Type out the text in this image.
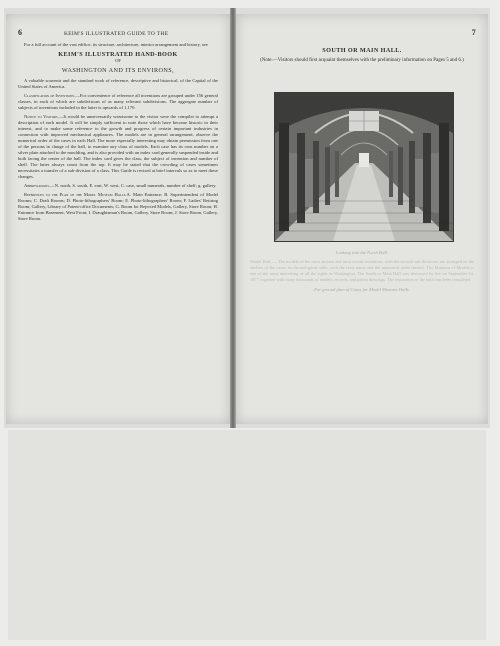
6	KEIM'S ILLUSTRATED GUIDE TO THE
For a full account of the vast edifice, its structure, architecture, interior arrangement and history, see
KEIM'S ILLUSTRATED HAND-BOOK
OF
WASHINGTON AND ITS ENVIRONS,
A valuable souvenir and the standard work of reference, descriptive and historical, of the Capital of the United States of America.
Classification of Inventions.—For convenience of reference all inventions are grouped under 156 general classes, in each of which are subdivisions of as many relevant subdivisions. The aggregate number of subjects of inventions included in the latter is upwards of 1,170.
Notice to Visitors.—It would be unnecessarily wearisome to the visitor were the compiler to attempt a description of each model. It will be simply sufficient to note those which have become historic in their interest, and to make some reference to the growth and progress of certain important industries in connection with improved mechanical appliances. The models are in general arrangement, observe the numerical order of the cases in each Hall. The more especially interesting may obtain permission from one of the persons in charge of the hall, to examine any class of models. Each case has its own number on a silver plate attached to the moulding, and is also provided with an index card generally suspended inside and both facing the center of the hall. The index card gives the class, the subject of invention and number of shelf. The latter always count from the top. It may be stated that the crowding of cases sometimes necessitates a transfer of a sub-division of a class. This Guide is revised at brief intervals so as to meet these changes.
Abbreviations.—N. north, S. south, E. east, W. west, C. case, small numerals, number of shelf; g. gallery.
References to the Plan of the Model Museum Halls.A. Main Entrance; B. Superintendent of Model Rooms; C. Draft Rooms; D. Photo-lithographers' Room; E. Photo-lithographers' Room; F. Ladies' Retiring Room; Gallery, Library of Patent-office Documents; G. Room for Rejected Models, Gallery, Store Room; H. Entrance from Basement, West Front; I. Draughtsman's Room, Gallery, Store Room; J. Store Room, Gallery, Store Room.
7
SOUTH OR MAIN HALL.
(Note.—Visitors should first acquaint themselves with the preliminary information on Pages 5 and 6.)
Looking into the North Hall.
Model Hall. — The models of the most ancient and most recent inventions, with the several sub-divisions, are arranged on the shelves of the cases, in chronological order, with the class name and the numerical order thereof. The Museum of Models is one of the most interesting of all the sights in Washington. The South or Main Hall was destroyed by fire on September 24, 1877, together with many thousands of models, records, and patent drawings. The restoration of the halls has been completed.
For ground plan of Cases for Model Museum Halls.
